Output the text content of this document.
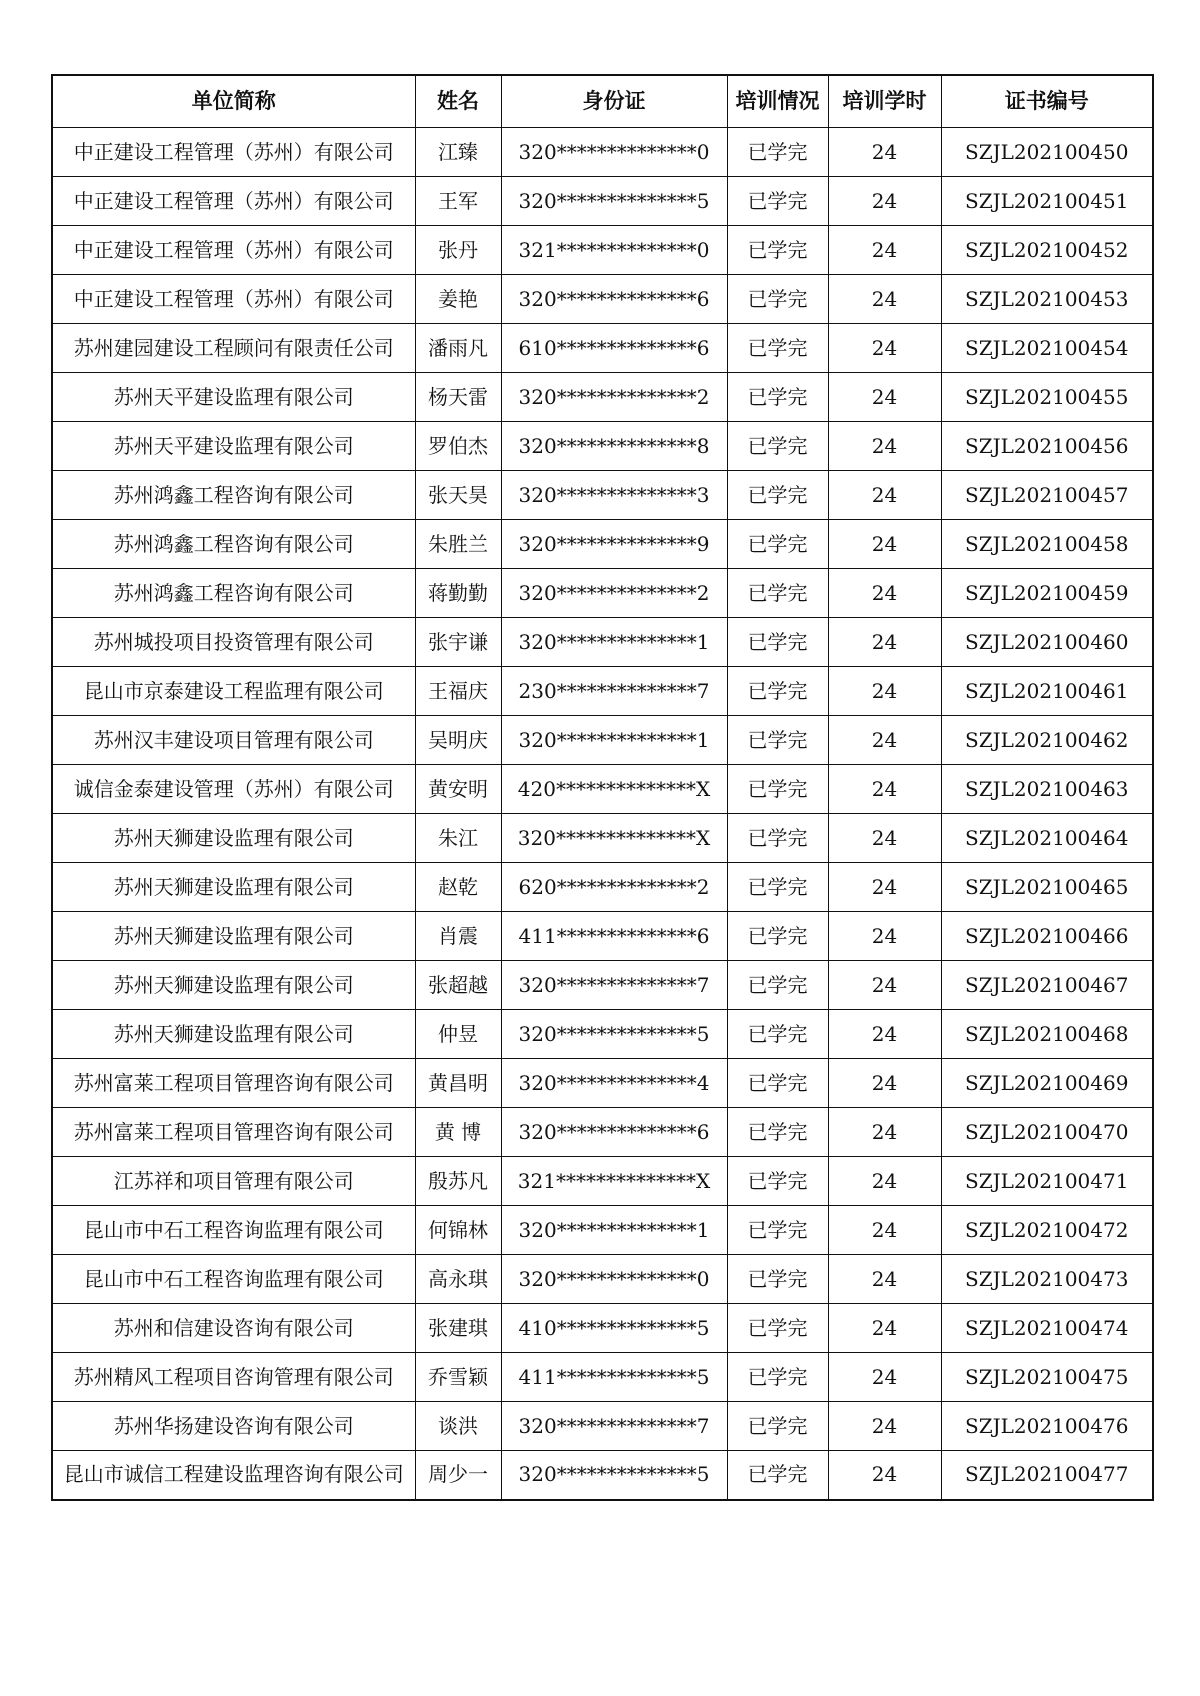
单位简称	姓名	身份证	培训情况	培训学时	证书编号
中正建设工程管理（苏州）有限公司	江臻	320**************0	已学完	24	SZJL202100450
中正建设工程管理（苏州）有限公司	王军	320**************5	已学完	24	SZJL202100451
中正建设工程管理（苏州）有限公司	张丹	321**************0	已学完	24	SZJL202100452
中正建设工程管理（苏州）有限公司	姜艳	320**************6	已学完	24	SZJL202100453
苏州建园建设工程顾问有限责任公司	潘雨凡	610**************6	已学完	24	SZJL202100454
苏州天平建设监理有限公司	杨天雷	320**************2	已学完	24	SZJL202100455
苏州天平建设监理有限公司	罗伯杰	320**************8	已学完	24	SZJL202100456
苏州鸿鑫工程咨询有限公司	张天昊	320**************3	已学完	24	SZJL202100457
苏州鸿鑫工程咨询有限公司	朱胜兰	320**************9	已学完	24	SZJL202100458
苏州鸿鑫工程咨询有限公司	蒋勤勤	320**************2	已学完	24	SZJL202100459
苏州城投项目投资管理有限公司	张宇谦	320**************1	已学完	24	SZJL202100460
昆山市京泰建设工程监理有限公司	王福庆	230**************7	已学完	24	SZJL202100461
苏州汉丰建设项目管理有限公司	吴明庆	320**************1	已学完	24	SZJL202100462
诚信金泰建设管理（苏州）有限公司	黄安明	420**************X	已学完	24	SZJL202100463
苏州天狮建设监理有限公司	朱江	320**************X	已学完	24	SZJL202100464
苏州天狮建设监理有限公司	赵乾	620**************2	已学完	24	SZJL202100465
苏州天狮建设监理有限公司	肖震	411**************6	已学完	24	SZJL202100466
苏州天狮建设监理有限公司	张超越	320**************7	已学完	24	SZJL202100467
苏州天狮建设监理有限公司	仲昱	320**************5	已学完	24	SZJL202100468
苏州富莱工程项目管理咨询有限公司	黄昌明	320**************4	已学完	24	SZJL202100469
苏州富莱工程项目管理咨询有限公司	黄 博	320**************6	已学完	24	SZJL202100470
江苏祥和项目管理有限公司	殷苏凡	321**************X	已学完	24	SZJL202100471
昆山市中石工程咨询监理有限公司	何锦林	320**************1	已学完	24	SZJL202100472
昆山市中石工程咨询监理有限公司	高永琪	320**************0	已学完	24	SZJL202100473
苏州和信建设咨询有限公司	张建琪	410**************5	已学完	24	SZJL202100474
苏州精风工程项目咨询管理有限公司	乔雪颖	411**************5	已学完	24	SZJL202100475
苏州华扬建设咨询有限公司	谈洪	320**************7	已学完	24	SZJL202100476
昆山市诚信工程建设监理咨询有限公司	周少一	320**************5	已学完	24	SZJL202100477
